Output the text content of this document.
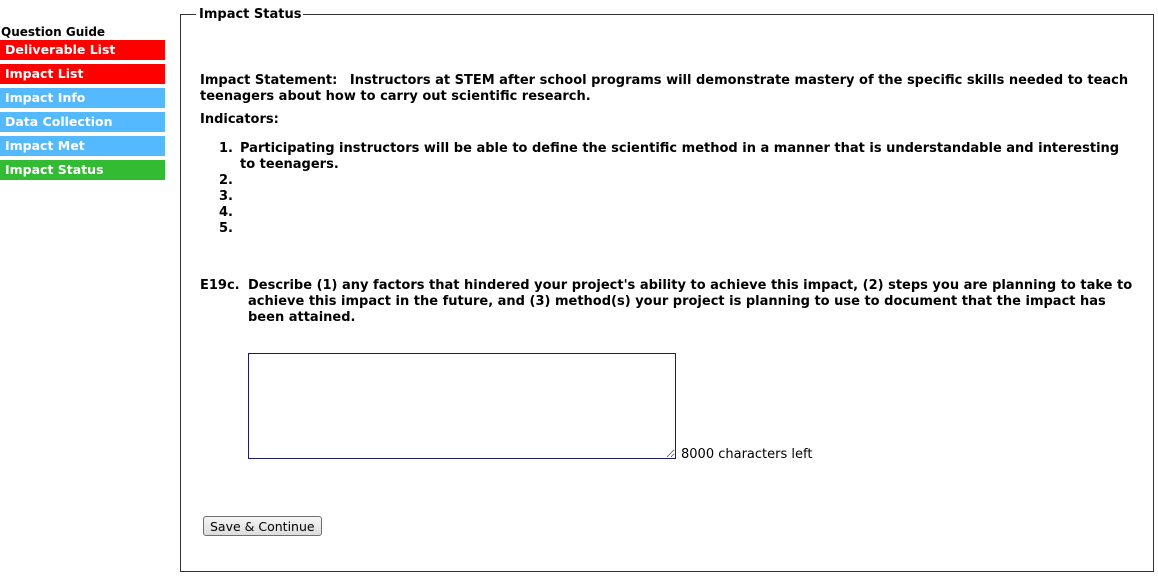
Question Guide
Deliverable List
Impact List
Impact Info
Data Collection
Impact Met
Impact Status
Impact Status
Impact Statement: Instructors at STEM after school programs will demonstrate mastery of the specific skills needed to teach teenagers about how to carry out scientific research.
Indicators:
1. Participating instructors will be able to define the scientific method in a manner that is understandable and interesting to teenagers.
2.

3.

4.

5.

E19c. Describe (1) any factors that hindered your project's ability to achieve this impact, (2) steps you are planning to take to achieve this impact in the future, and (3) method(s) your project is planning to use to document that the impact has been attained.
8000 characters left
Save & Continue
